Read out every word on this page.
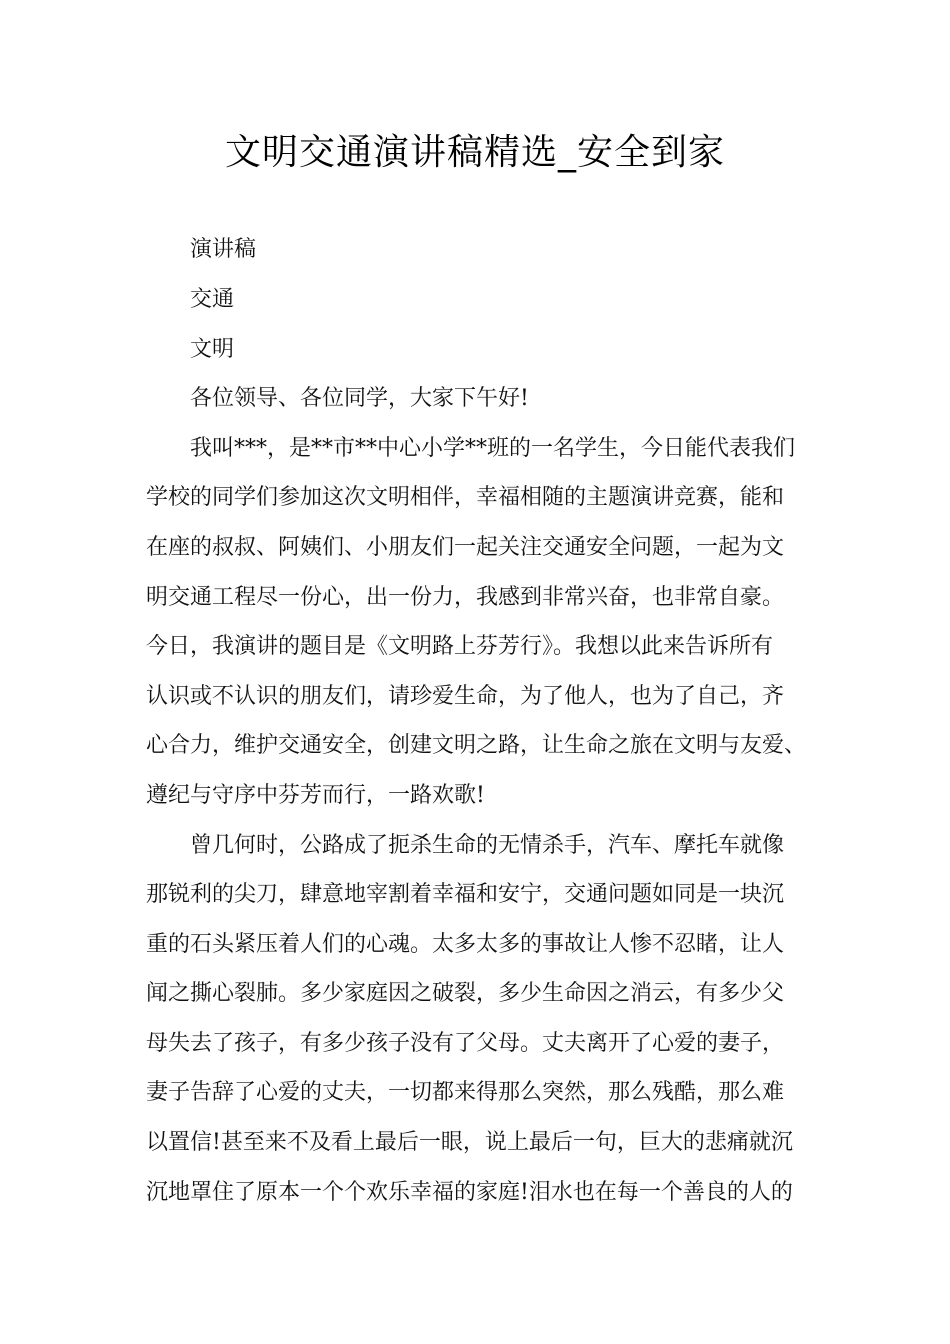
文明交通演讲稿精选_安全到家
演讲稿
交通
文明
各位领导、各位同学，大家下午好!
我叫***，是**市**中心小学**班的一名学生，今日能代表我们
学校的同学们参加这次文明相伴，幸福相随的主题演讲竞赛，能和
在座的叔叔、阿姨们、小朋友们一起关注交通安全问题，一起为文
明交通工程尽一份心，出一份力，我感到非常兴奋，也非常自豪。
今日，我演讲的题目是《文明路上芬芳行》。我想以此来告诉所有
认识或不认识的朋友们，请珍爱生命，为了他人，也为了自己，齐
心合力，维护交通安全，创建文明之路，让生命之旅在文明与友爱、
遵纪与守序中芬芳而行，一路欢歌!
曾几何时，公路成了扼杀生命的无情杀手，汽车、摩托车就像
那锐利的尖刀，肆意地宰割着幸福和安宁，交通问题如同是一块沉
重的石头紧压着人们的心魂。太多太多的事故让人惨不忍睹，让人
闻之撕心裂肺。多少家庭因之破裂，多少生命因之消云，有多少父
母失去了孩子，有多少孩子没有了父母。丈夫离开了心爱的妻子，
妻子告辞了心爱的丈夫，一切都来得那么突然，那么残酷，那么难
以置信!甚至来不及看上最后一眼，说上最后一句，巨大的悲痛就沉
沉地罩住了原本一个个欢乐幸福的家庭!泪水也在每一个善良的人的
